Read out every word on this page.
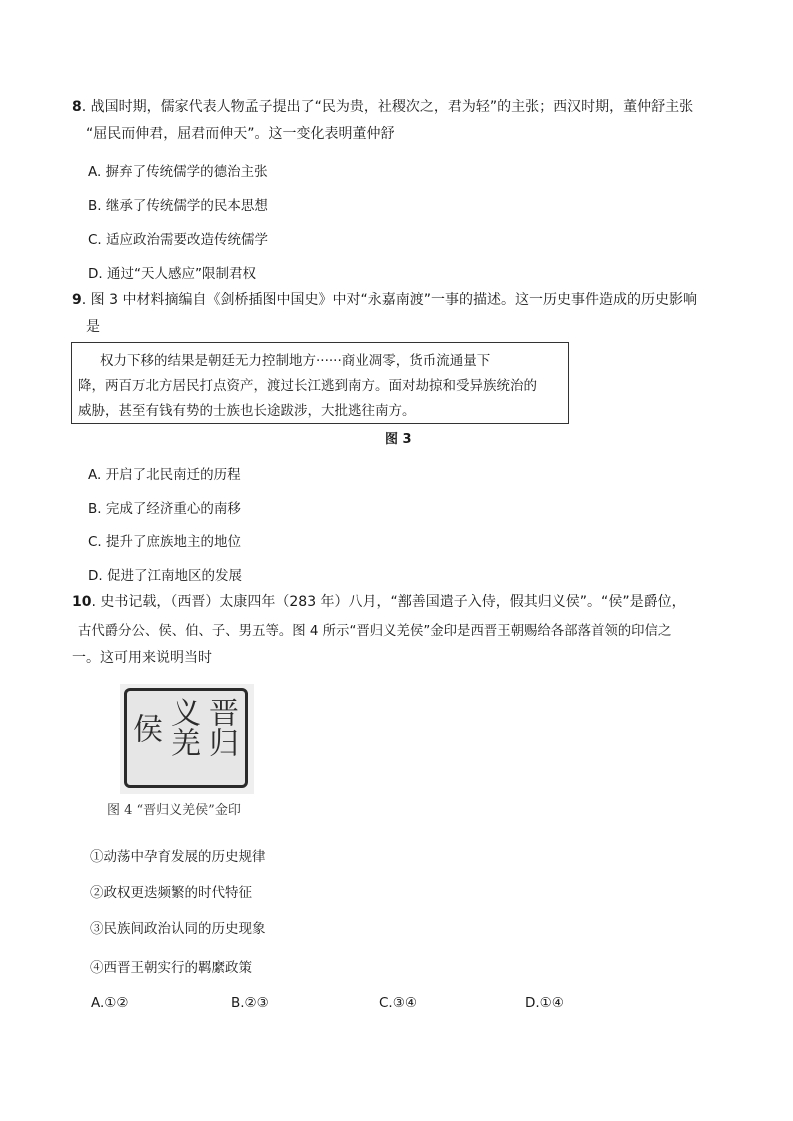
8. 战国时期，儒家代表人物孟子提出了“民为贵，社稷次之，君为轻”的主张；西汉时期，董仲舒主张
“屈民而伸君，屈君而伸天”。这一变化表明董仲舒
A. 摒弃了传统儒学的德治主张
B. 继承了传统儒学的民本思想
C. 适应政治需要改造传统儒学
D. 通过“天人感应”限制君权
9. 图 3 中材料摘编自《剑桥插图中国史》中对“永嘉南渡”一事的描述。这一历史事件造成的历史影响
是
权力下移的结果是朝廷无力控制地方······商业凋零，货币流通量下
降，两百万北方居民打点资产，渡过长江逃到南方。面对劫掠和受异族统治的
威胁，甚至有钱有势的士族也长途跋涉，大批逃往南方。
图 3
A. 开启了北民南迁的历程
B. 完成了经济重心的南移
C. 提升了庶族地主的地位
D. 促进了江南地区的发展
10. 史书记载，（西晋）太康四年（283 年）八月，“鄯善国遣子入侍，假其归义侯”。“侯”是爵位，
古代爵分公、侯、伯、子、男五等。图 4 所示“晋归义羌侯”金印是西晋王朝赐给各部落首领的印信之
一。这可用来说明当时
晋归
义羌
侯
图 4 “晋归义羌侯”金印
①动荡中孕育发展的历史规律
②政权更迭频繁的时代特征
③民族间政治认同的历史现象
④西晋王朝实行的羁縻政策
A.①②	B.②③	C.③④	D.①④
